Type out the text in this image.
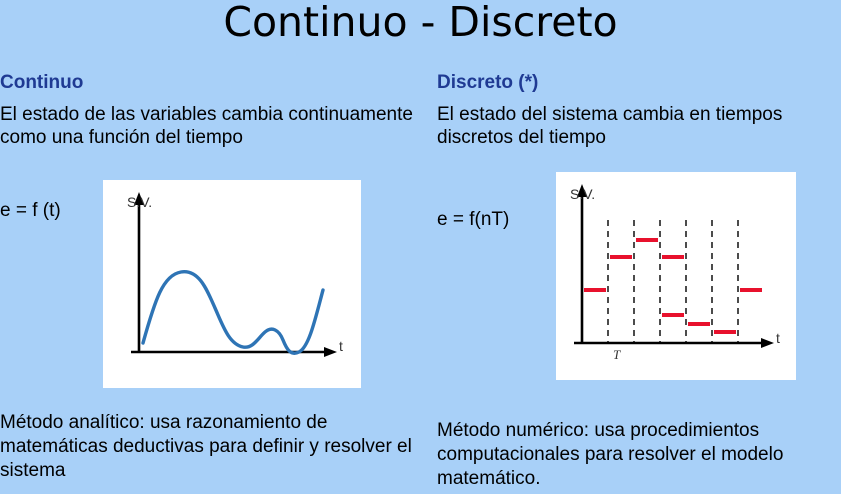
Continuo - Discreto
Continuo
El estado de las variables cambia continuamente como una función del tiempo
e = f (t)	S.V.
t
Discreto (*)
El estado del sistema cambia en tiempos discretos del tiempo
e = f(nT)
S.V.
t
T
Método analítico: usa razonamiento de matemáticas deductivas para definir y resolver el sistema
Método numérico: usa procedimientos computacionales para resolver el modelo matemático.
